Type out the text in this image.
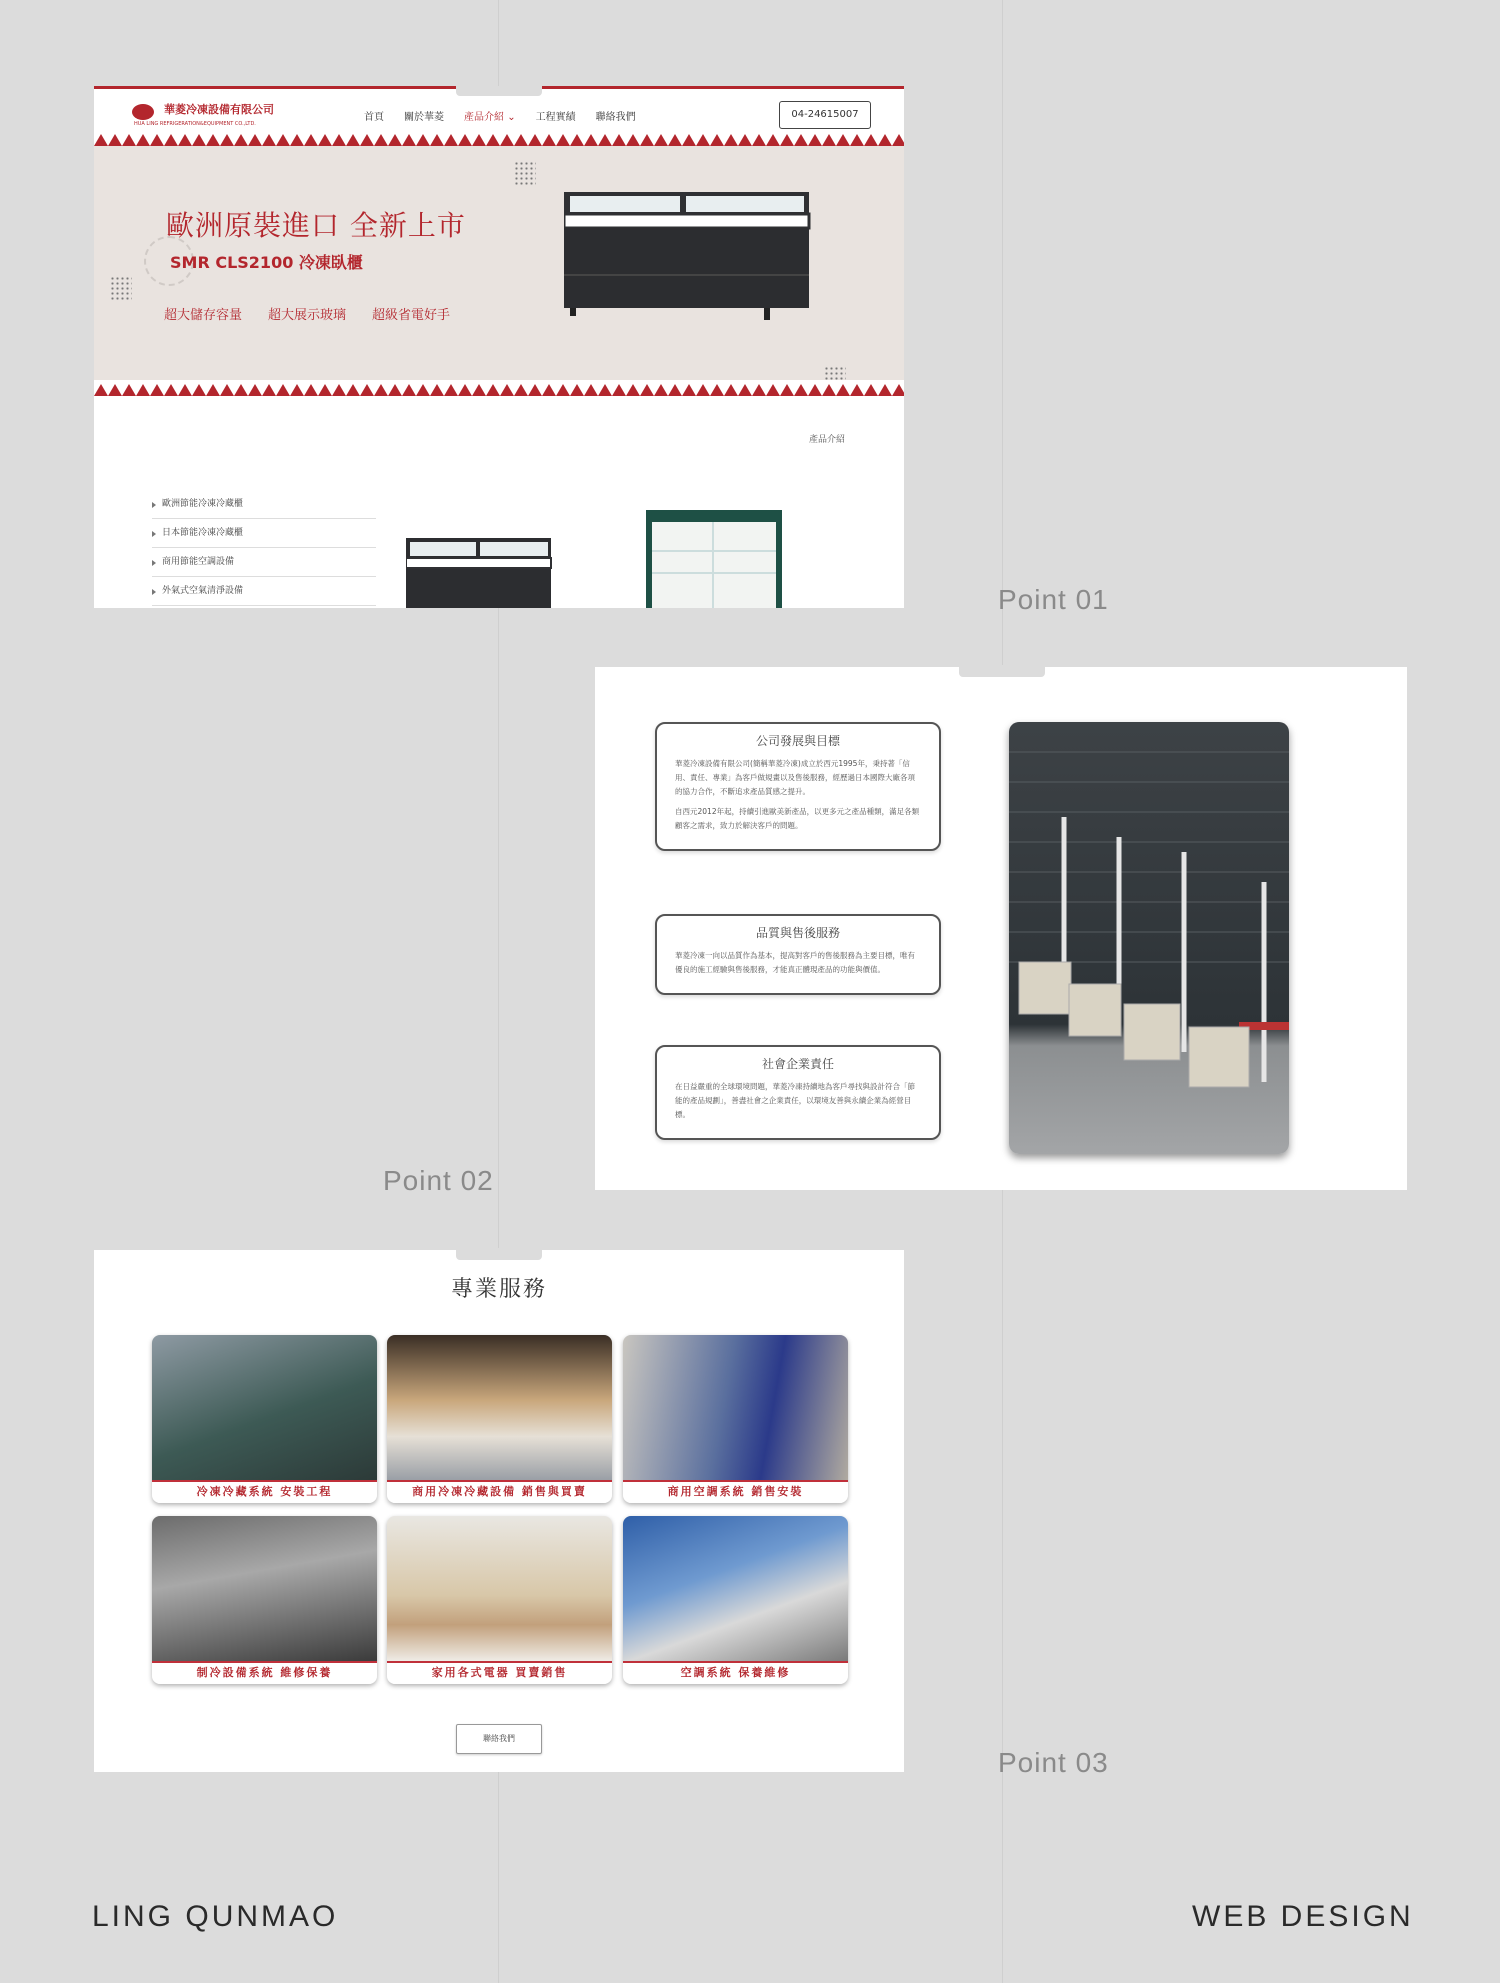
華菱冷凍設備有限公司
HUA LING REFRIGERATION&EQUIPMENT CO.,LTD.
首頁 關於華菱 產品介紹 ⌄ 工程實績 聯絡我們	04-24615007
歐洲原裝進口 全新上市
SMR CLS2100 冷凍臥櫃
超大儲存容量 超大展示玻璃 超級省電好手
產品介紹
歐洲節能冷凍冷藏櫃
日本節能冷凍冷藏櫃
商用節能空調設備
外氣式空氣清淨設備	Point 01
公司發展與目標

華菱冷凍設備有限公司(簡稱華菱冷凍)成立於西元1995年，秉持著「信用、責任、專業」為客戶做規畫以及售後服務，經歷過日本國際大廠各項的協力合作，不斷追求產品質感之提升。

自西元2012年起，持續引進歐美新產品，以更多元之產品種類，滿足各類顧客之需求，致力於解決客戶的問題。

品質與售後服務

華菱冷凍一向以品質作為基本，提高對客戶的售後服務為主要目標，唯有優良的施工經驗與售後服務，才能真正體現產品的功能與價值。

社會企業責任

在日益嚴重的全球環境問題，華菱冷凍持續地為客戶尋找與設計符合「節能的產品規劃」，善盡社會之企業責任，以環境友善與永續企業為經營目標。

Point 02
專業服務
冷凍冷藏系統 安裝工程	商用冷凍冷藏設備 銷售與買賣	商用空調系統 銷售安裝
制冷設備系統 維修保養	家用各式電器 買賣銷售	空調系統 保養維修
聯絡我們
Point 03
LING QUNMAO	WEB DESIGN
